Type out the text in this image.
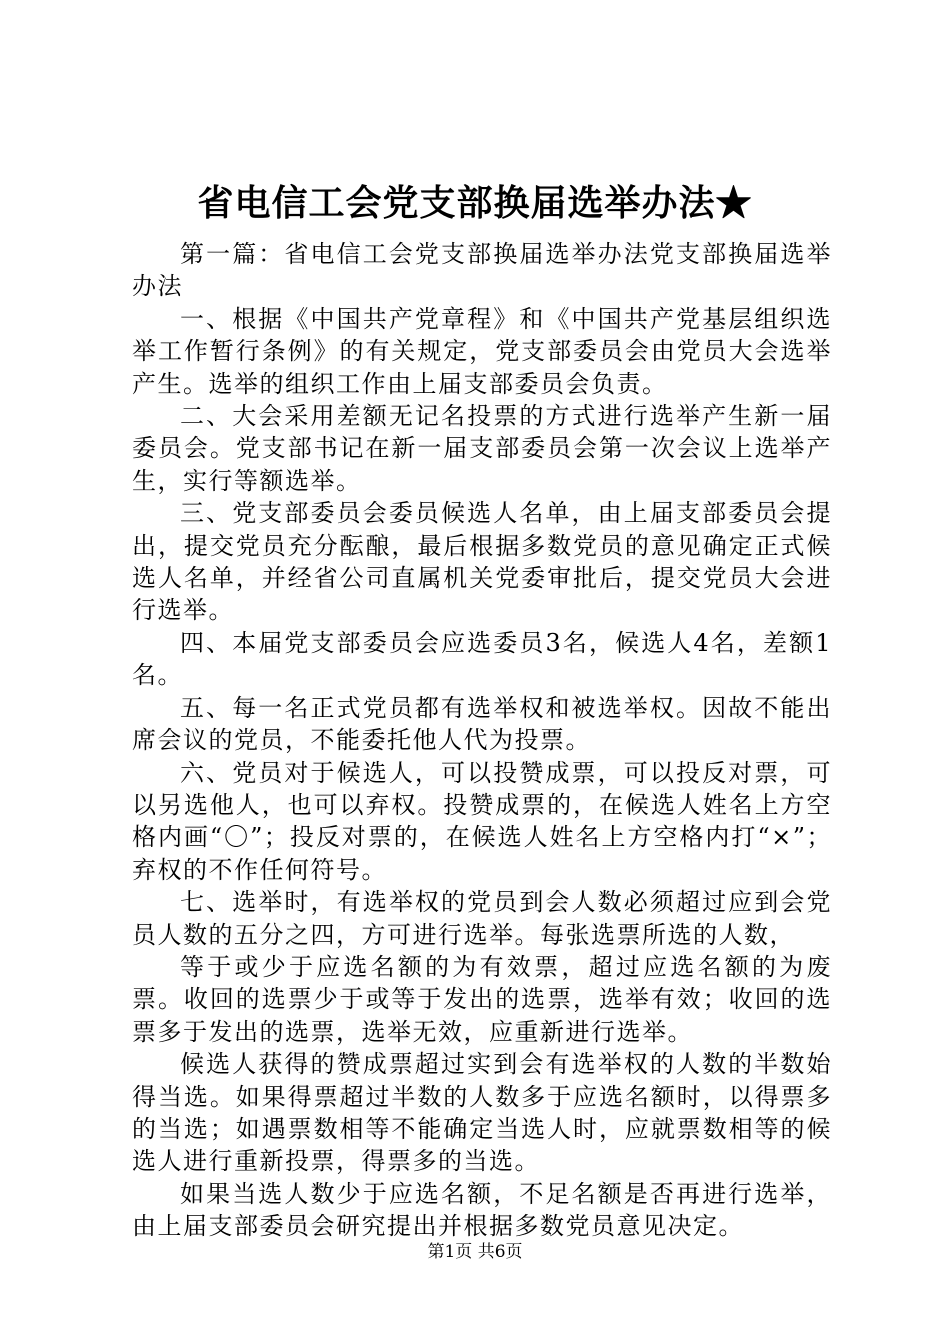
省电信工会党支部换届选举办法★

第一篇：省电信工会党支部换届选举办法党支部换届选举办法

一、根据《中国共产党章程》和《中国共产党基层组织选举工作暂行条例》的有关规定，党支部委员会由党员大会选举产生。选举的组织工作由上届支部委员会负责。

二、大会采用差额无记名投票的方式进行选举产生新一届委员会。党支部书记在新一届支部委员会第一次会议上选举产生，实行等额选举。

三、党支部委员会委员候选人名单，由上届支部委员会提出，提交党员充分酝酿，最后根据多数党员的意见确定正式候选人名单，并经省公司直属机关党委审批后，提交党员大会进行选举。

四、本届党支部委员会应选委员3名，候选人4名，差额1名。

五、每一名正式党员都有选举权和被选举权。因故不能出席会议的党员，不能委托他人代为投票。

六、党员对于候选人，可以投赞成票，可以投反对票，可以另选他人，也可以弃权。投赞成票的，在候选人姓名上方空格内画“〇”；投反对票的，在候选人姓名上方空格内打“×”；弃权的不作任何符号。

七、选举时，有选举权的党员到会人数必须超过应到会党员人数的五分之四，方可进行选举。每张选票所选的人数，

等于或少于应选名额的为有效票，超过应选名额的为废票。收回的选票少于或等于发出的选票，选举有效；收回的选票多于发出的选票，选举无效，应重新进行选举。

候选人获得的赞成票超过实到会有选举权的人数的半数始得当选。如果得票超过半数的人数多于应选名额时，以得票多的当选；如遇票数相等不能确定当选人时，应就票数相等的候选人进行重新投票，得票多的当选。

如果当选人数少于应选名额，不足名额是否再进行选举，由上届支部委员会研究提出并根据多数党员意见决定。

第1页 共6页
